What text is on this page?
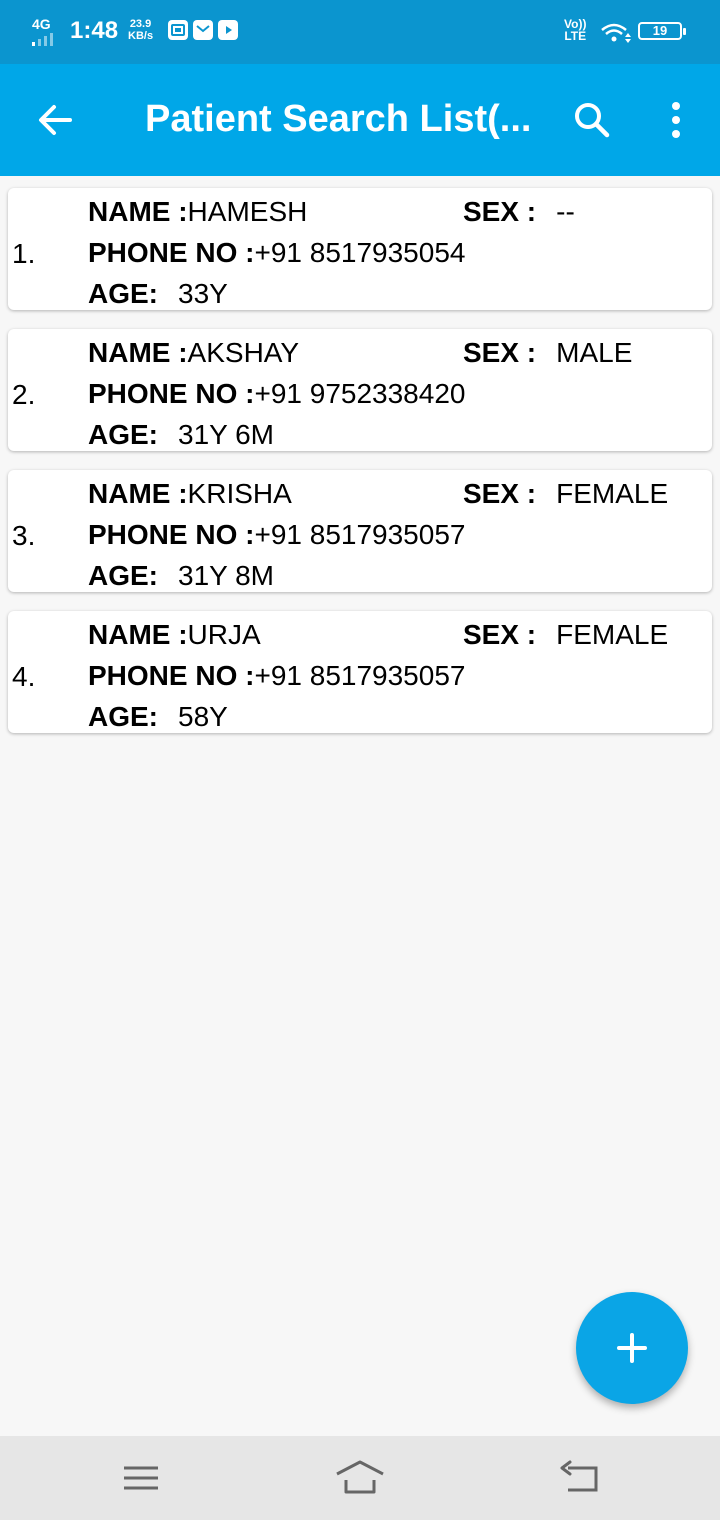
4G 1:48 23.9
KB/s
Vo))
LTE	19
Patient Search List(...
1.
NAME :HAMESH	SEX : --
PHONE NO :+91 8517935054
AGE: 33Y
2.
NAME :AKSHAY	SEX : MALE
PHONE NO :+91 9752338420
AGE: 31Y 6M
3.
NAME :KRISHA	SEX : FEMALE
PHONE NO :+91 8517935057
AGE: 31Y 8M
4.
NAME :URJA	SEX : FEMALE
PHONE NO :+91 8517935057
AGE: 58Y
